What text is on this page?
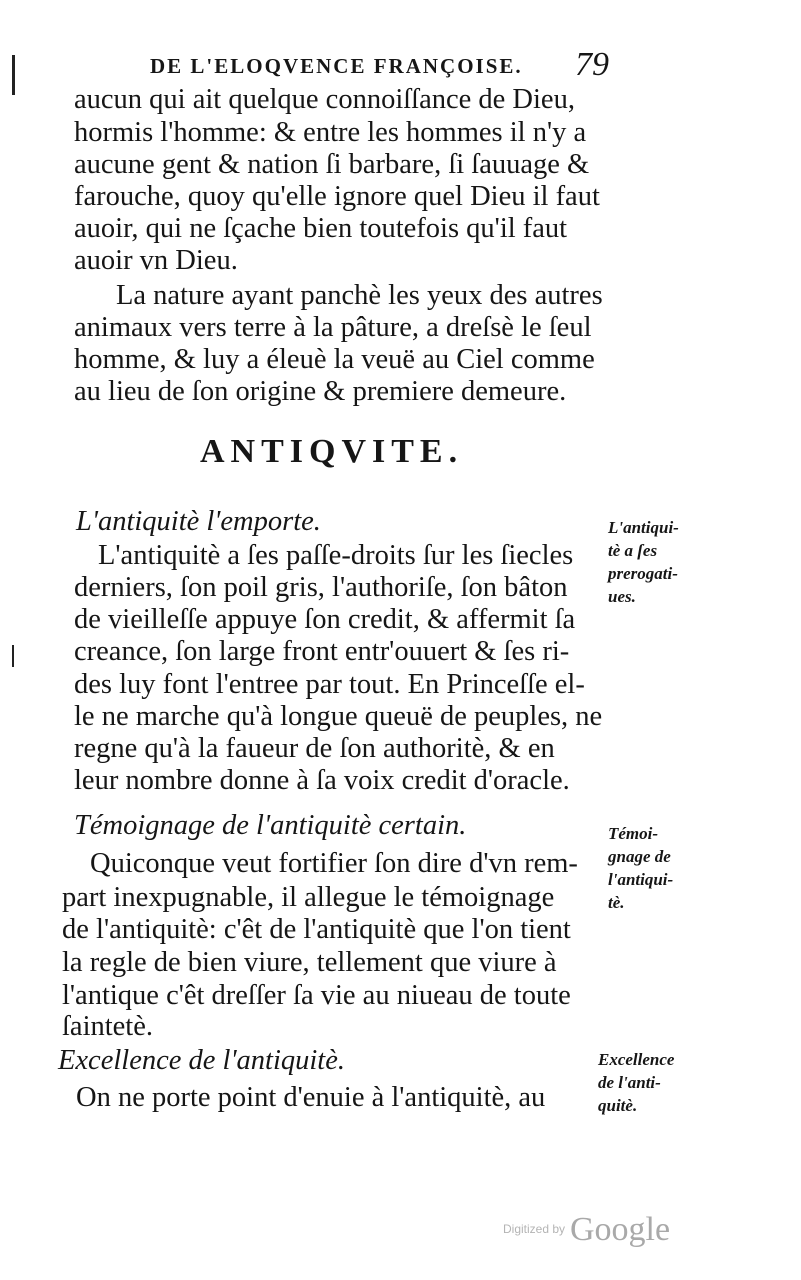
DE L'ELOQVENCE FRANÇOISE. 79
aucun qui ait quelque connoiſſance de Dieu,
hormis l'homme: & entre les hommes il n'y a
aucune gent & nation ſi barbare, ſi ſauuage &
farouche, quoy qu'elle ignore quel Dieu il faut
auoir, qui ne ſçache bien toutefois qu'il faut
auoir vn Dieu.
La nature ayant panchè les yeux des autres
animaux vers terre à la pâture, a dreſsè le ſeul
homme, & luy a éleuè la veuë au Ciel comme
au lieu de ſon origine & premiere demeure.
ANTIQVITE.
L'antiquitè l'emporte.
L'antiquitè a ſes paſſe-droits ſur les ſiecles
derniers, ſon poil gris, l'authoriſe, ſon bâton
de vieilleſſe appuye ſon credit, & affermit ſa
creance, ſon large front entr'ouuert & ſes ri-
des luy font l'entree par tout. En Princeſſe el-
le ne marche qu'à longue queuë de peuples, ne
regne qu'à la faueur de ſon authoritè, & en
leur nombre donne à ſa voix credit d'oracle.
L'antiqui-
tè a ſes
prerogati-
ues.
Témoignage de l'antiquitè certain.
Quiconque veut fortifier ſon dire d'vn rem-
part inexpugnable, il allegue le témoignage
de l'antiquitè: c'êt de l'antiquitè que l'on tient
la regle de bien viure, tellement que viure à
l'antique c'êt dreſſer ſa vie au niueau de toute
ſaintetè.
Témoi-
gnage de
l'antiqui-
tè.
Excellence de l'antiquitè.
On ne porte point d'enuie à l'antiquitè, au
Excellence
de l'anti-
quitè.
Digitized by Google
